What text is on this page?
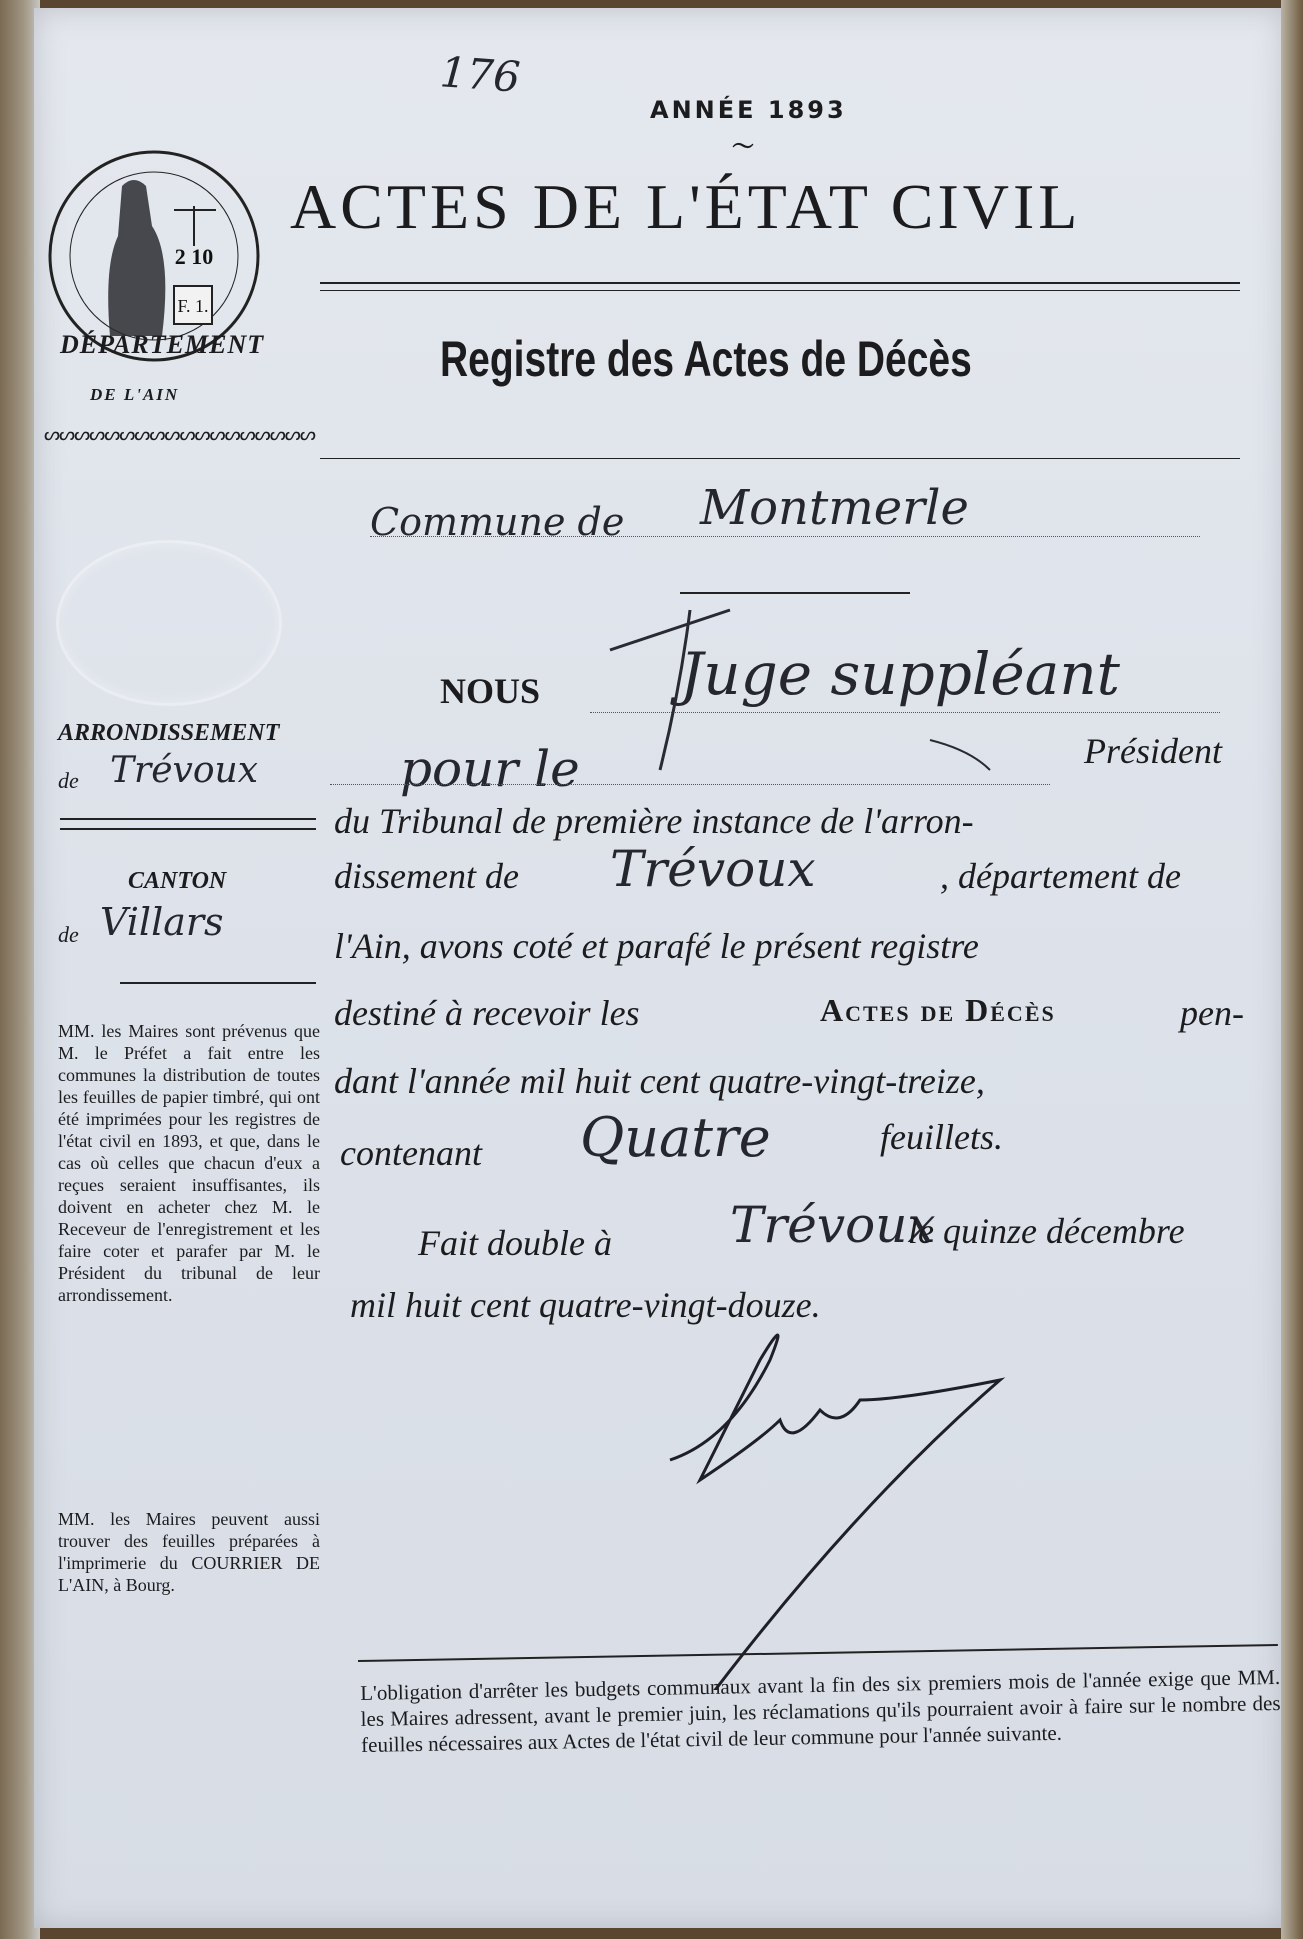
176
ANNÉE 1893
〜
ACTES DE L'ÉTAT CIVIL
Registre des Actes de Décès
F. 1.
2 10
DÉPARTEMENT
DE L'AIN
ᔕᔕᔕᔕᔕᔕᔕᔕᔕᔕᔕᔕᔕᔕᔕᔕᔕᔕ
Commune de Montmerle
ARRONDISSEMENT
de Trévoux
CANTON
de Villars
MM. les Maires sont prévenus que M. le Préfet a fait entre les communes la distribution de toutes les feuilles de papier timbré, qui ont été imprimées pour les registres de l'état civil en 1893, et que, dans le cas où celles que chacun d'eux a reçues seraient insuffisantes, ils doivent en acheter chez M. le Receveur de l'enregistrement et les faire coter et parafer par M. le Président du tribunal de leur arrondissement.
MM. les Maires peuvent aussi trouver des feuilles préparées à l'imprimerie du COURRIER DE L'AIN, à Bourg.
NOUS Juge suppléant
pour le	Président
du Tribunal de première instance de l'arron-
dissement de Trévoux	, département de
l'Ain, avons coté et parafé le présent registre
destiné à recevoir les	Actes de Décès	pen-
dant l'année mil huit cent quatre-vingt-treize,
contenant Quatre	feuillets.
Fait double à Trévoux
le quinze décembre
mil huit cent quatre-vingt-douze.
L'obligation d'arrêter les budgets communaux avant la fin des six premiers mois de l'année exige que MM. les Maires adressent, avant le premier juin, les réclamations qu'ils pourraient avoir à faire sur le nombre des feuilles nécessaires aux Actes de l'état civil de leur commune pour l'année suivante.
